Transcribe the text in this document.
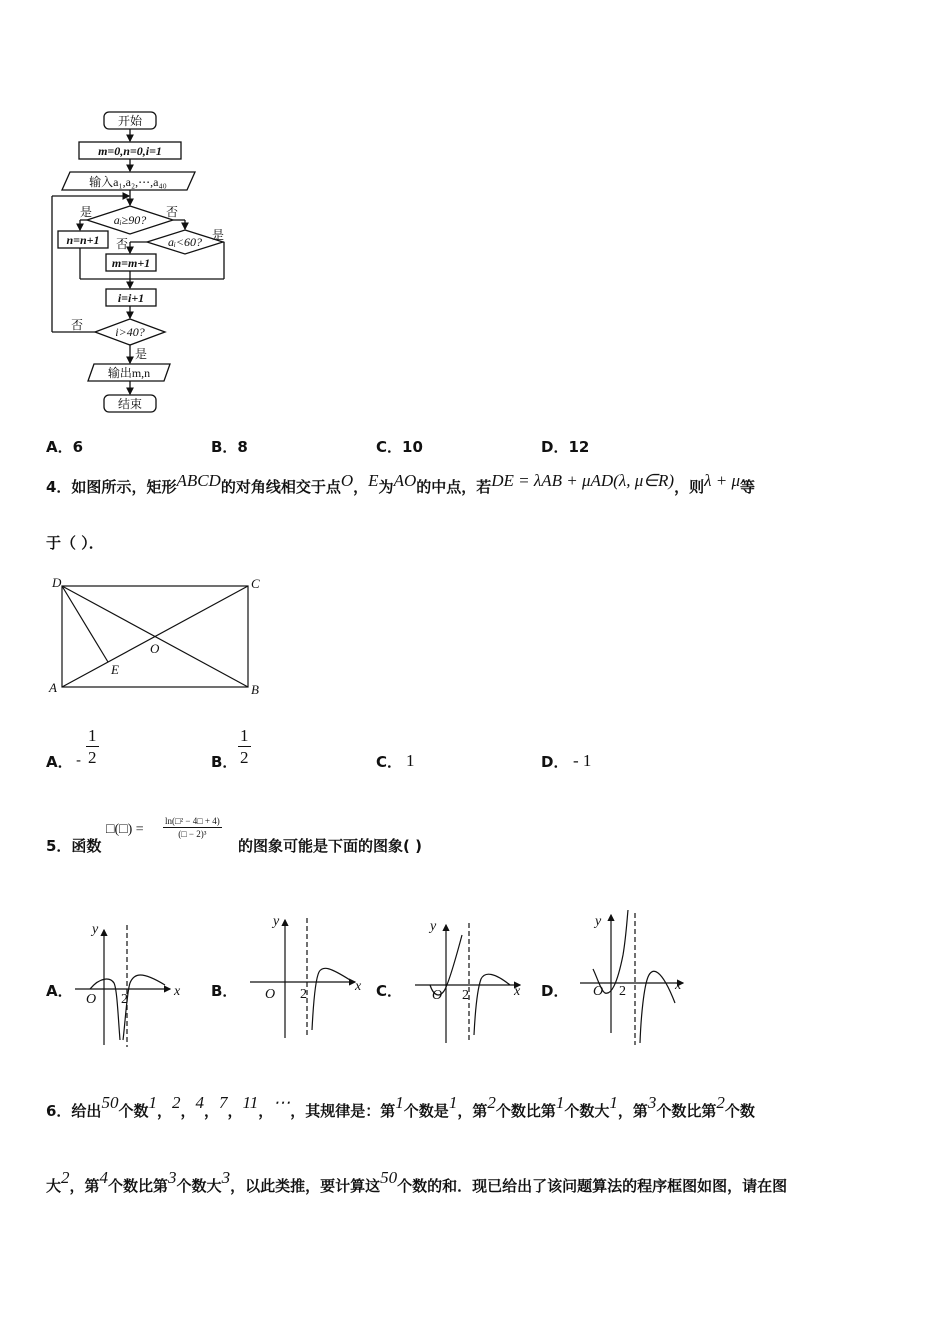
开始
m=0,n=0,i=1
输入a₁,a₂,⋯,a₄₀
aᵢ≥90?
aᵢ<60?
n=n+1
m=m+1
i=i+1
i>40?
输出m,n
结束
是	否
否
是
否
是
A．6	B．8	C．10	D．12
4．如图所示，矩形ABCD的对角线相交于点O，E为AO的中点，若DE = λAB + μAD(λ, μ∈R)，则λ + μ等
于（ ）．
D	C
A	B
O
E
A． - $\frac{1}{2}$	B． $\frac{1}{2}$	C． 1	D． - 1
5．函数
□(□) = $\frac{\text{ln(□² − 4□ + 4)}}{\text{(□ − 2)³}}$
的图象可能是下面的图象( )
A．	B．	C．	D．
y
x
O 2
y
x
O 2
y
x
O 2
y
x
O 2
6．给出50个数1，2，4，7，11，⋯，其规律是：第1个数是1，第2个数比第1个数大1，第3个数比第2个数
大2，第4个数比第3个数大3，以此类推，要计算这50个数的和．现已给出了该问题算法的程序框图如图，请在图
